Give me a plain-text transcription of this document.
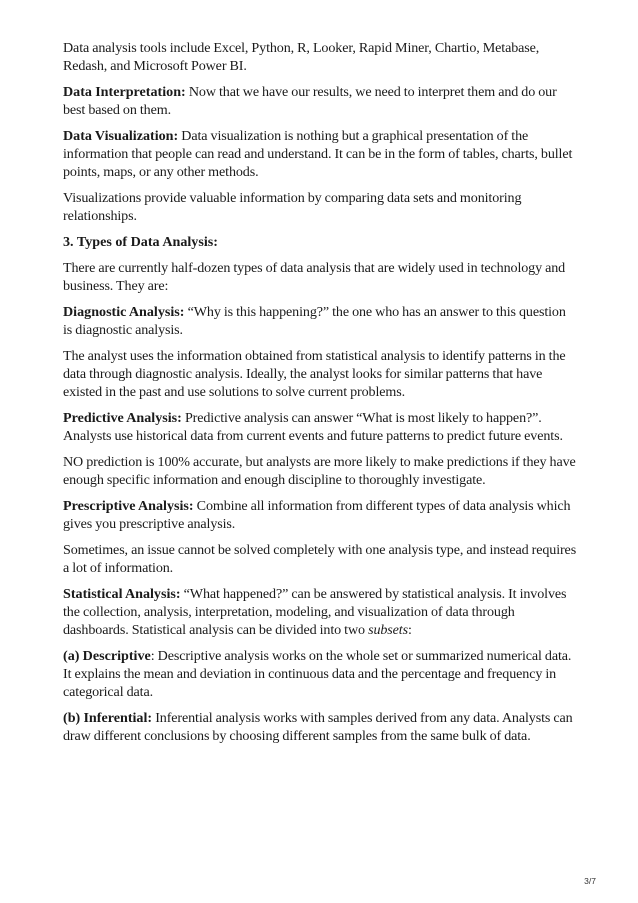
Data analysis tools include Excel, Python, R, Looker, Rapid Miner, Chartio, Metabase, Redash, and Microsoft Power BI.

Data Interpretation: Now that we have our results, we need to interpret them and do our best based on them.

Data Visualization: Data visualization is nothing but a graphical presentation of the information that people can read and understand. It can be in the form of tables, charts, bullet points, maps, or any other methods.

Visualizations provide valuable information by comparing data sets and monitoring relationships.

3. Types of Data Analysis:

There are currently half-dozen types of data analysis that are widely used in technology and business. They are:

Diagnostic Analysis: “Why is this happening?” the one who has an answer to this question is diagnostic analysis.

The analyst uses the information obtained from statistical analysis to identify patterns in the data through diagnostic analysis. Ideally, the analyst looks for similar patterns that have existed in the past and use solutions to solve current problems.

Predictive Analysis: Predictive analysis can answer “What is most likely to happen?”. Analysts use historical data from current events and future patterns to predict future events.

NO prediction is 100% accurate, but analysts are more likely to make predictions if they have enough specific information and enough discipline to thoroughly investigate.

Prescriptive Analysis: Combine all information from different types of data analysis which gives you prescriptive analysis.

Sometimes, an issue cannot be solved completely with one analysis type, and instead requires a lot of information.

Statistical Analysis: “What happened?” can be answered by statistical analysis. It involves the collection, analysis, interpretation, modeling, and visualization of data through dashboards. Statistical analysis can be divided into two subsets:

(a) Descriptive: Descriptive analysis works on the whole set or summarized numerical data. It explains the mean and deviation in continuous data and the percentage and frequency in categorical data.

(b) Inferential: Inferential analysis works with samples derived from any data. Analysts can draw different conclusions by choosing different samples from the same bulk of data.

3/7
